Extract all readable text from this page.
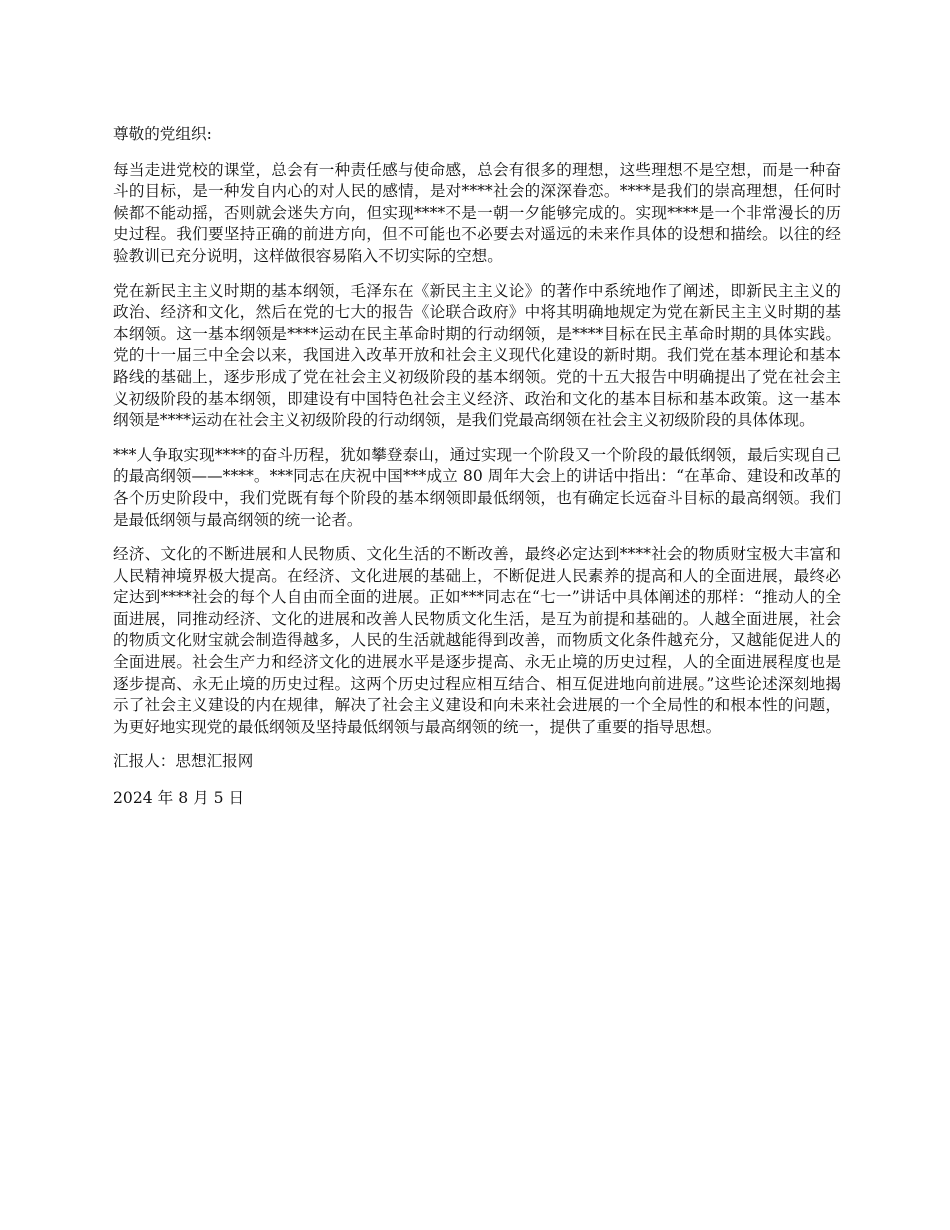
尊敬的党组织:

每当走进党校的课堂，总会有一种责任感与使命感，总会有很多的理想，这些理想不是空想，而是一种奋斗的目标，是一种发自内心的对人民的感情，是对****社会的深深眷恋。****是我们的崇高理想，任何时候都不能动摇，否则就会迷失方向，但实现****不是一朝一夕能够完成的。实现****是一个非常漫长的历史过程。我们要坚持正确的前进方向，但不可能也不必要去对遥远的未来作具体的设想和描绘。以往的经验教训已充分说明，这样做很容易陷入不切实际的空想。

党在新民主主义时期的基本纲领，毛泽东在《新民主主义论》的著作中系统地作了阐述，即新民主主义的政治、经济和文化，然后在党的七大的报告《论联合政府》中将其明确地规定为党在新民主主义时期的基本纲领。这一基本纲领是****运动在民主革命时期的行动纲领，是****目标在民主革命时期的具体实践。党的十一届三中全会以来，我国进入改革开放和社会主义现代化建设的新时期。我们党在基本理论和基本路线的基础上，逐步形成了党在社会主义初级阶段的基本纲领。党的十五大报告中明确提出了党在社会主义初级阶段的基本纲领，即建设有中国特色社会主义经济、政治和文化的基本目标和基本政策。这一基本纲领是****运动在社会主义初级阶段的行动纲领，是我们党最高纲领在社会主义初级阶段的具体体现。

***人争取实现****的奋斗历程，犹如攀登泰山，通过实现一个阶段又一个阶段的最低纲领，最后实现自己的最高纲领——****。***同志在庆祝中国***成立 80 周年大会上的讲话中指出：“在革命、建设和改革的各个历史阶段中，我们党既有每个阶段的基本纲领即最低纲领，也有确定长远奋斗目标的最高纲领。我们是最低纲领与最高纲领的统一论者。

经济、文化的不断进展和人民物质、文化生活的不断改善，最终必定达到****社会的物质财宝极大丰富和人民精神境界极大提高。在经济、文化进展的基础上，不断促进人民素养的提高和人的全面进展，最终必定达到****社会的每个人自由而全面的进展。正如***同志在“七一”讲话中具体阐述的那样：“推动人的全面进展，同推动经济、文化的进展和改善人民物质文化生活，是互为前提和基础的。人越全面进展，社会的物质文化财宝就会制造得越多，人民的生活就越能得到改善，而物质文化条件越充分，又越能促进人的全面进展。社会生产力和经济文化的进展水平是逐步提高、永无止境的历史过程，人的全面进展程度也是逐步提高、永无止境的历史过程。这两个历史过程应相互结合、相互促进地向前进展。”这些论述深刻地揭示了社会主义建设的内在规律，解决了社会主义建设和向未来社会进展的一个全局性的和根本性的问题，为更好地实现党的最低纲领及坚持最低纲领与最高纲领的统一，提供了重要的指导思想。

汇报人：思想汇报网

2024 年 8 月 5 日
